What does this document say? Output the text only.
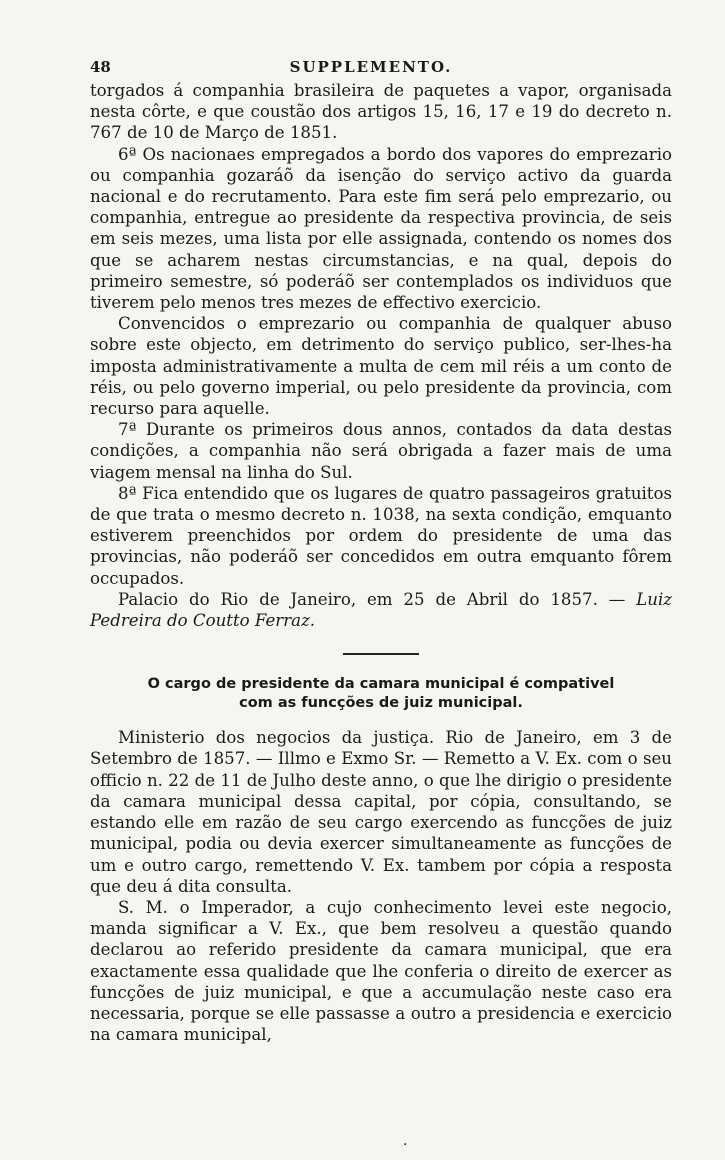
48	SUPPLEMENTO.

torgados á companhia brasileira de paquetes a vapor, organisada nesta côrte, e que coustão dos artigos 15, 16, 17 e 19 do decreto n. 767 de 10 de Março de 1851.

6ª Os nacionaes empregados a bordo dos vapores do emprezario ou companhia gozaráõ da isenção do serviço activo da guarda nacional e do recrutamento. Para este fim será pelo emprezario, ou companhia, entregue ao presidente da respectiva provincia, de seis em seis mezes, uma lista por elle assignada, contendo os nomes dos que se acharem nestas circumstancias, e na qual, depois do primeiro semestre, só poderáõ ser contemplados os individuos que tiverem pelo menos tres mezes de effectivo exercicio.

Convencidos o emprezario ou companhia de qualquer abuso sobre este objecto, em detrimento do serviço publico, ser-lhes-ha imposta administrativamente a multa de cem mil réis a um conto de réis, ou pelo governo imperial, ou pelo presidente da provincia, com recurso para aquelle.

7ª Durante os primeiros dous annos, contados da data destas condições, a companhia não será obrigada a fazer mais de uma viagem mensal na linha do Sul.

8ª Fica entendido que os lugares de quatro passageiros gratuitos de que trata o mesmo decreto n. 1038, na sexta condição, emquanto estiverem preenchidos por ordem do presidente de uma das provincias, não poderáõ ser concedidos em outra emquanto fôrem occupados.

Palacio do Rio de Janeiro, em 25 de Abril do 1857. — Luiz Pedreira do Coutto Ferraz.

O cargo de presidente da camara municipal é compativel
com as funcções de juiz municipal.

Ministerio dos negocios da justiça. Rio de Janeiro, em 3 de Setembro de 1857. — Illmo e Exmo Sr. — Remetto a V. Ex. com o seu officio n. 22 de 11 de Julho deste anno, o que lhe dirigio o presidente da camara municipal dessa capital, por cópia, consultando, se estando elle em razão de seu cargo exercendo as funcções de juiz municipal, podia ou devia exercer simultaneamente as funcções de um e outro cargo, remettendo V. Ex. tambem por cópia a resposta que deu á dita consulta.

S. M. o Imperador, a cujo conhecimento levei este negocio, manda significar a V. Ex., que bem resolveu a questão quando declarou ao referido presidente da camara municipal, que era exactamente essa qualidade que lhe conferia o direito de exercer as funcções de juiz municipal, e que a accumulação neste caso era necessaria, porque se elle passasse a outro a presidencia e exercicio na camara municipal,

.
